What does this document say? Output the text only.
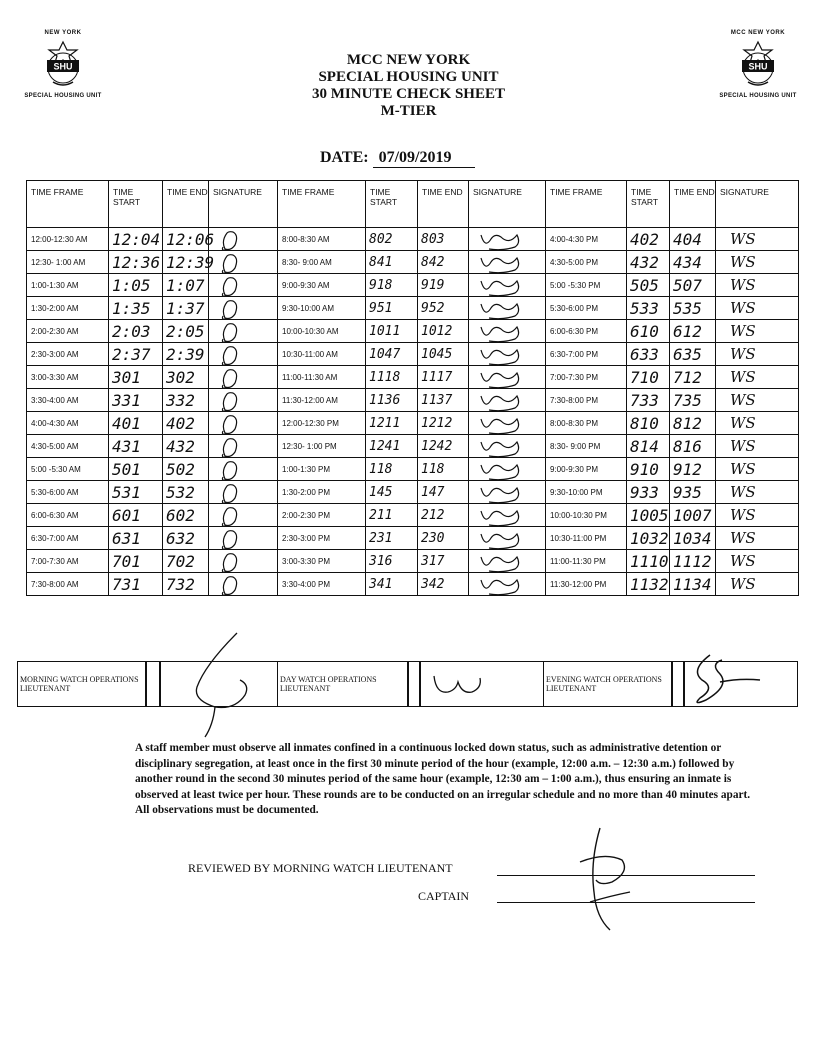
NEW YORK
SHU
SPECIAL HOUSING UNIT
MCC NEW YORK
SHU
SPECIAL HOUSING UNIT
MCC NEW YORK
SPECIAL HOUSING UNIT
30 MINUTE CHECK SHEET
M-TIER
DATE: 07/09/2019
TIME FRAME	TIME START	TIME END	SIGNATURE	TIME FRAME	TIME START	TIME END	SIGNATURE	TIME FRAME	TIME START	TIME END	SIGNATURE
12:00-12:30 AM	12:04	12:06		8:00-8:30 AM	802	803		4:00-4:30 PM	402	404	WS
12:30- 1:00 AM	12:36	12:39		8:30- 9:00 AM	841	842		4:30-5:00 PM	432	434	WS
1:00-1:30 AM	1:05	1:07		9:00-9:30 AM	918	919		5:00 -5:30 PM	505	507	WS
1:30-2:00 AM	1:35	1:37		9:30-10:00 AM	951	952		5:30-6:00 PM	533	535	WS
2:00-2:30 AM	2:03	2:05		10:00-10:30 AM	1011	1012		6:00-6:30 PM	610	612	WS
2:30-3:00 AM	2:37	2:39		10:30-11:00 AM	1047	1045		6:30-7:00 PM	633	635	WS
3:00-3:30 AM	301	302		11:00-11:30 AM	1118	1117		7:00-7:30 PM	710	712	WS
3:30-4:00 AM	331	332		11:30-12:00 AM	1136	1137		7:30-8:00 PM	733	735	WS
4:00-4:30 AM	401	402		12:00-12:30 PM	1211	1212		8:00-8:30 PM	810	812	WS
4:30-5:00 AM	431	432		12:30- 1:00 PM	1241	1242		8:30- 9:00 PM	814	816	WS
5:00 -5:30 AM	501	502		1:00-1:30 PM	118	118		9:00-9:30 PM	910	912	WS
5:30-6:00 AM	531	532		1:30-2:00 PM	145	147		9:30-10:00 PM	933	935	WS
6:00-6:30 AM	601	602		2:00-2:30 PM	211	212		10:00-10:30 PM	1005	1007	WS
6:30-7:00 AM	631	632		2:30-3:00 PM	231	230		10:30-11:00 PM	1032	1034	WS
7:00-7:30 AM	701	702		3:00-3:30 PM	316	317		11:00-11:30 PM	1110	1112	WS
7:30-8:00 AM	731	732		3:30-4:00 PM	341	342		11:30-12:00 PM	1132	1134	WS
MORNING WATCH OPERATIONS LIEUTENANT			DAY WATCH OPERATIONS LIEUTENANT			EVENING WATCH OPERATIONS LIEUTENANT		
A staff member must observe all inmates confined in a continuous locked down status, such as administrative detention or disciplinary segregation, at least once in the first 30 minute period of the hour (example, 12:00 a.m. – 12:30 a.m.) followed by another round in the second 30 minutes period of the same hour (example, 12:30 am – 1:00 a.m.), thus ensuring an inmate is observed at least twice per hour. These rounds are to be conducted on an irregular schedule and no more than 40 minutes apart. All observations must be documented.
REVIEWED BY MORNING WATCH LIEUTENANT
CAPTAIN
